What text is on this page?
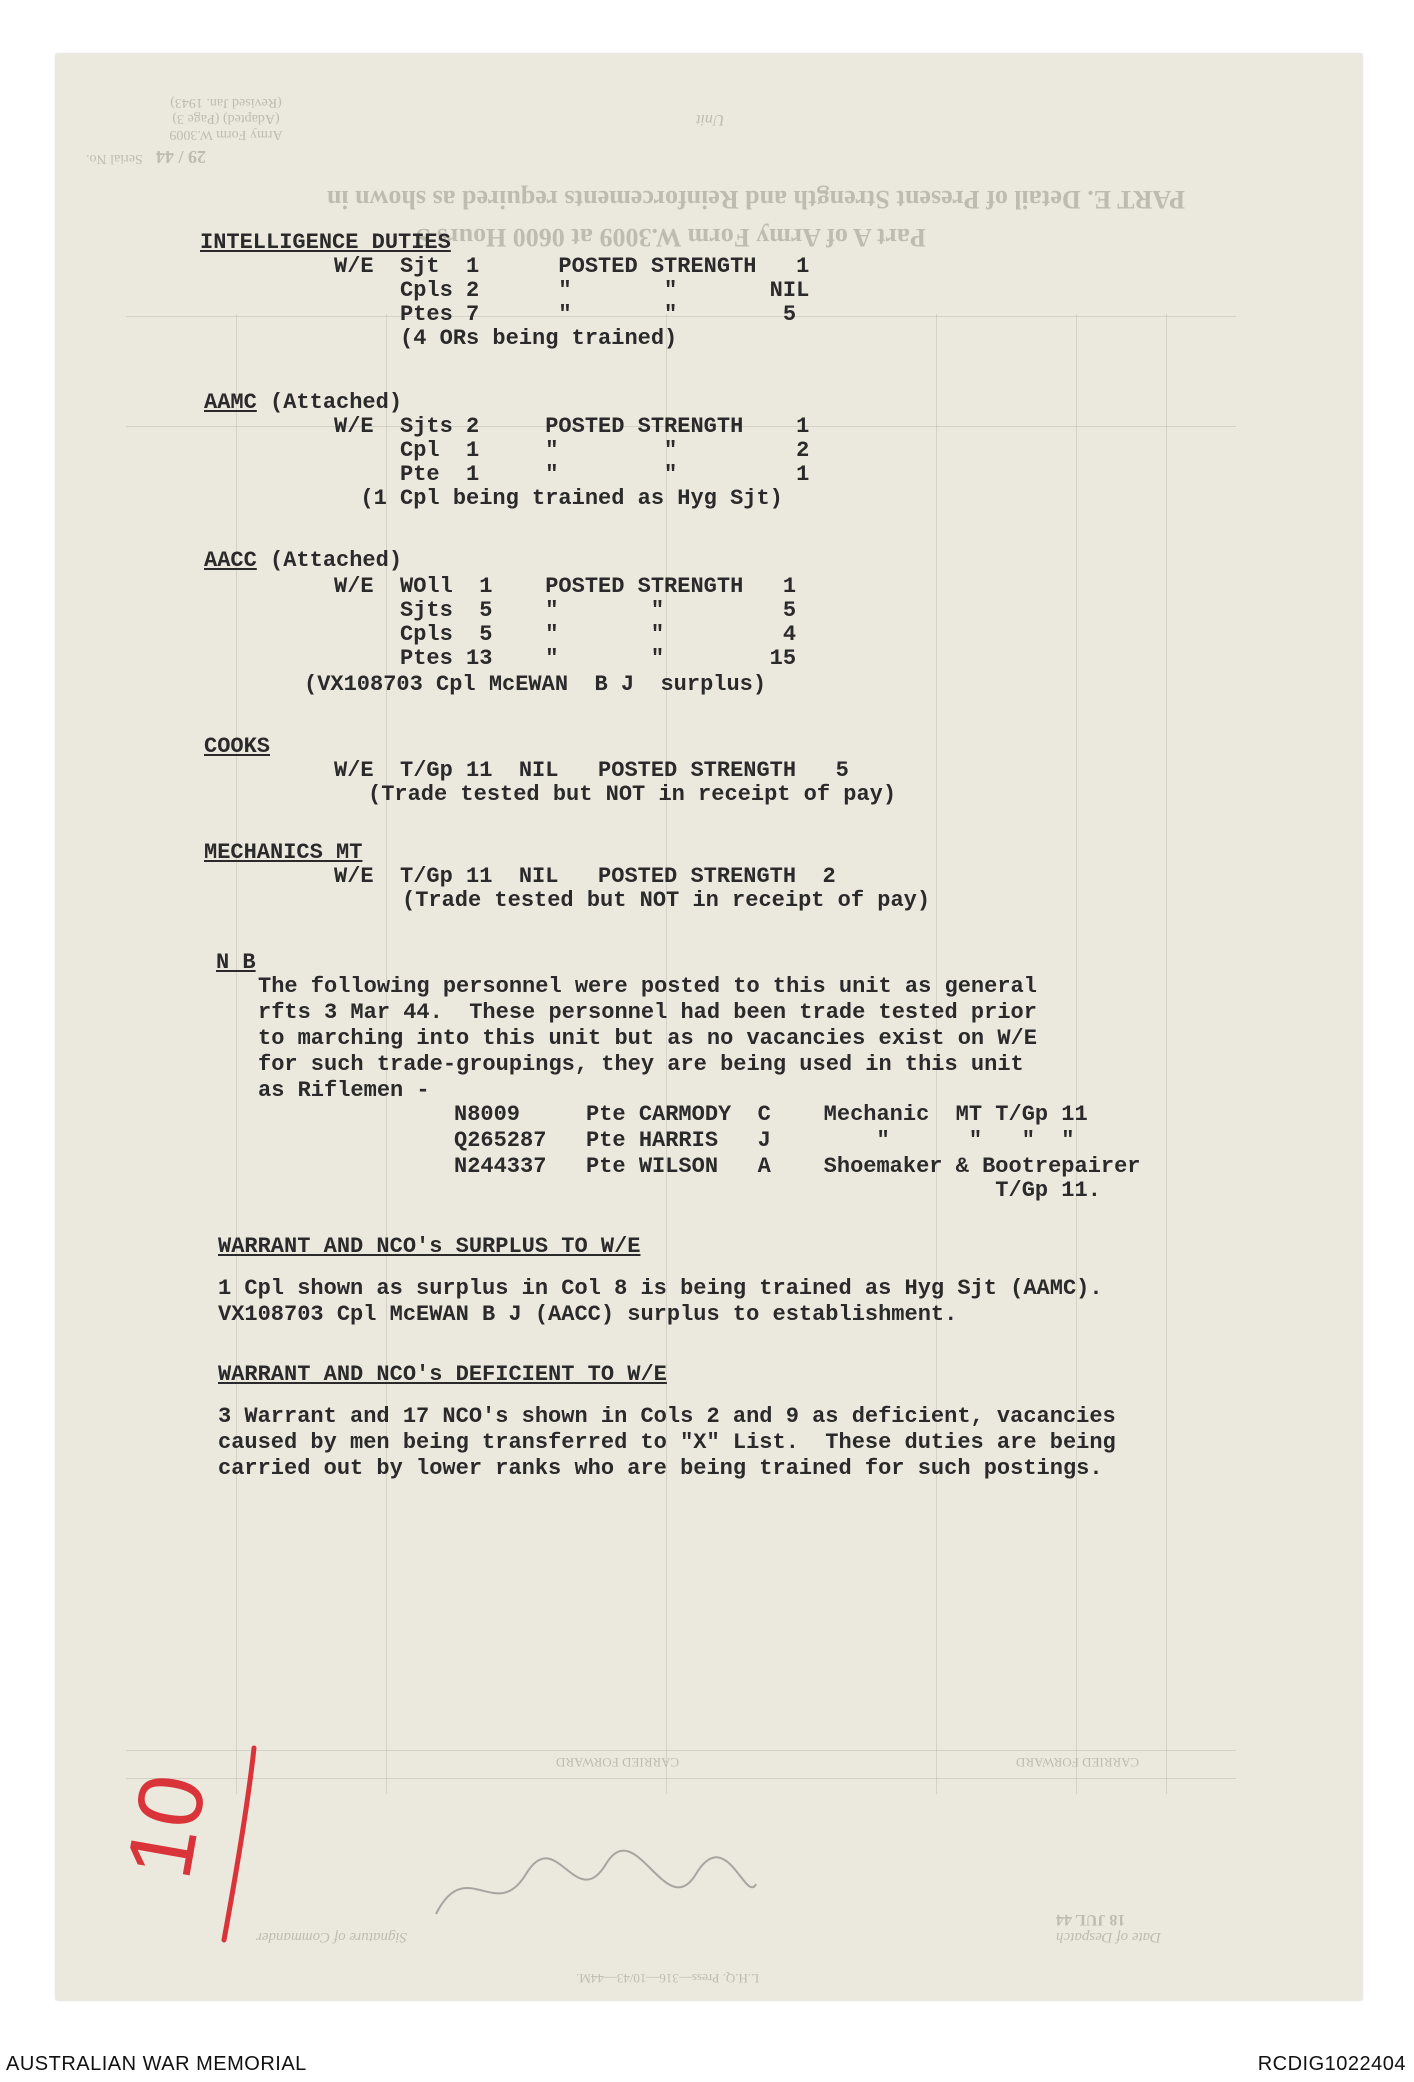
Army Form W.3009
(Adapted) (Page 3)
(Revised Jan. 1943)
29 / 44
Serial No.
Unit
PART E. Detail of Present Strength and Reinforcements required as shown in
Part A of Army Form W.3009 at 0600 Hours S
CARRIED FORWARD
CARRIED FORWARD
18 JUL 44
Date of Despatch
Signature of Commander
L.H.Q. Press—316—10/43—44M.
INTELLIGENCE DUTIES
W/E  Sjt  1      POSTED STRENGTH   1
Cpls 2      "       "       NIL
Ptes 7      "       "        5
(4 ORs being trained)
AAMC (Attached)
W/E  Sjts 2     POSTED STRENGTH    1
Cpl  1     "        "         2
Pte  1     "        "         1
(1 Cpl being trained as Hyg Sjt)
AACC (Attached)
W/E  WOll  1    POSTED STRENGTH   1
Sjts  5    "       "         5
Cpls  5    "       "         4
Ptes 13    "       "        15
(VX108703 Cpl McEWAN  B J  surplus)
COOKS
W/E  T/Gp 11  NIL   POSTED STRENGTH   5
(Trade tested but NOT in receipt of pay)
MECHANICS MT
W/E  T/Gp 11  NIL   POSTED STRENGTH  2
(Trade tested but NOT in receipt of pay)
N B
The following personnel were posted to this unit as general
rfts 3 Mar 44.  These personnel had been trade tested prior
to marching into this unit but as no vacancies exist on W/E
for such trade-groupings, they are being used in this unit
as Riflemen -
N8009     Pte CARMODY  C    Mechanic  MT T/Gp 11
Q265287   Pte HARRIS   J        "      "   "  "
N244337   Pte WILSON   A    Shoemaker & Bootrepairer
T/Gp 11.
WARRANT AND NCO's SURPLUS TO W/E
1 Cpl shown as surplus in Col 8 is being trained as Hyg Sjt (AAMC).
VX108703 Cpl McEWAN B J (AACC) surplus to establishment.
WARRANT AND NCO's DEFICIENT TO W/E
3 Warrant and 17 NCO's shown in Cols 2 and 9 as deficient, vacancies
caused by men being transferred to "X" List.  These duties are being
carried out by lower ranks who are being trained for such postings.
10
AUSTRALIAN WAR MEMORIAL	RCDIG1022404
